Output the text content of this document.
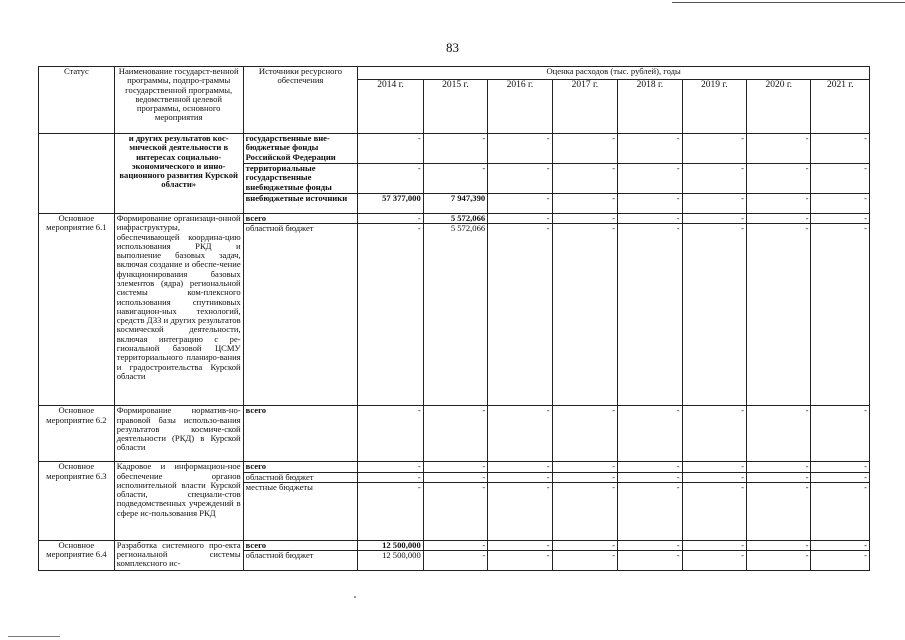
83
Статус	Наименование государст-венной программы, подпро-граммы государственной программы, ведомственной целевой программы, основного мероприятия	Источники ресурсного обеспечения	Оценка расходов (тыс. рублей), годы							
			2014 г.	2015 г.	2016 г.	2017 г.	2018 г.	2019 г.	2020 г.	2021 г.
	и других результатов кос-мической деятельности в интересах социально-экономического и инно-вационного развития Курской области»	государственные вне-бюджетные фонды Российской Федерации	-	-	-	-	-	-	-	-
		территориальные государственные внебюджетные фонды	-	-	-	-	-	-	-	-
		внебюджетные источники	57 377,000	7 947,390	-	-	-	-	-	-
Основное мероприятие 6.1	Формирование организаци-онной инфраструктуры, обеспечивающей координа-цию использования РКД и выполнение базовых задач, включая создание и обеспе-чение функционирования базовых элементов (ядра) региональной системы ком-плексного использования спутниковых навигацион-ных технологий, средств ДЗЗ и других результатов космической деятельности, включая интеграцию с ре-гиональной базовой ЦСМУ территориального планиро-вания и градостроительства Курской области	всего	-	5 572,066	-	-	-	-	-	-
		областной бюджет	-	5 572,066	-	-	-	-	-	-
Основное мероприятие 6.2	Формирование норматив-но-правовой базы использо-вания результатов космиче-ской деятельности (РКД) в Курской области	всего	-	-	-	-	-	-	-	-
Основное мероприятие 6.3	Кадровое и информацион-ное обеспечение органов исполнительной власти Курской области, специали-стов подведомственных учреждений в сфере ис-пользования РКД	всего	-	-	-	-	-	-	-	-
		областной бюджет	-	-	-	-	-	-	-	-
		местные бюджеты	-	-	-	-	-	-	-	-
Основное мероприятие 6.4	Разработка системного про-екта региональной системы комплексного ис-	всего	12 500,000	-	-	-	-	-	-	-
		областной бюджет	12 500,000	-	-	-	-	-	-	-
